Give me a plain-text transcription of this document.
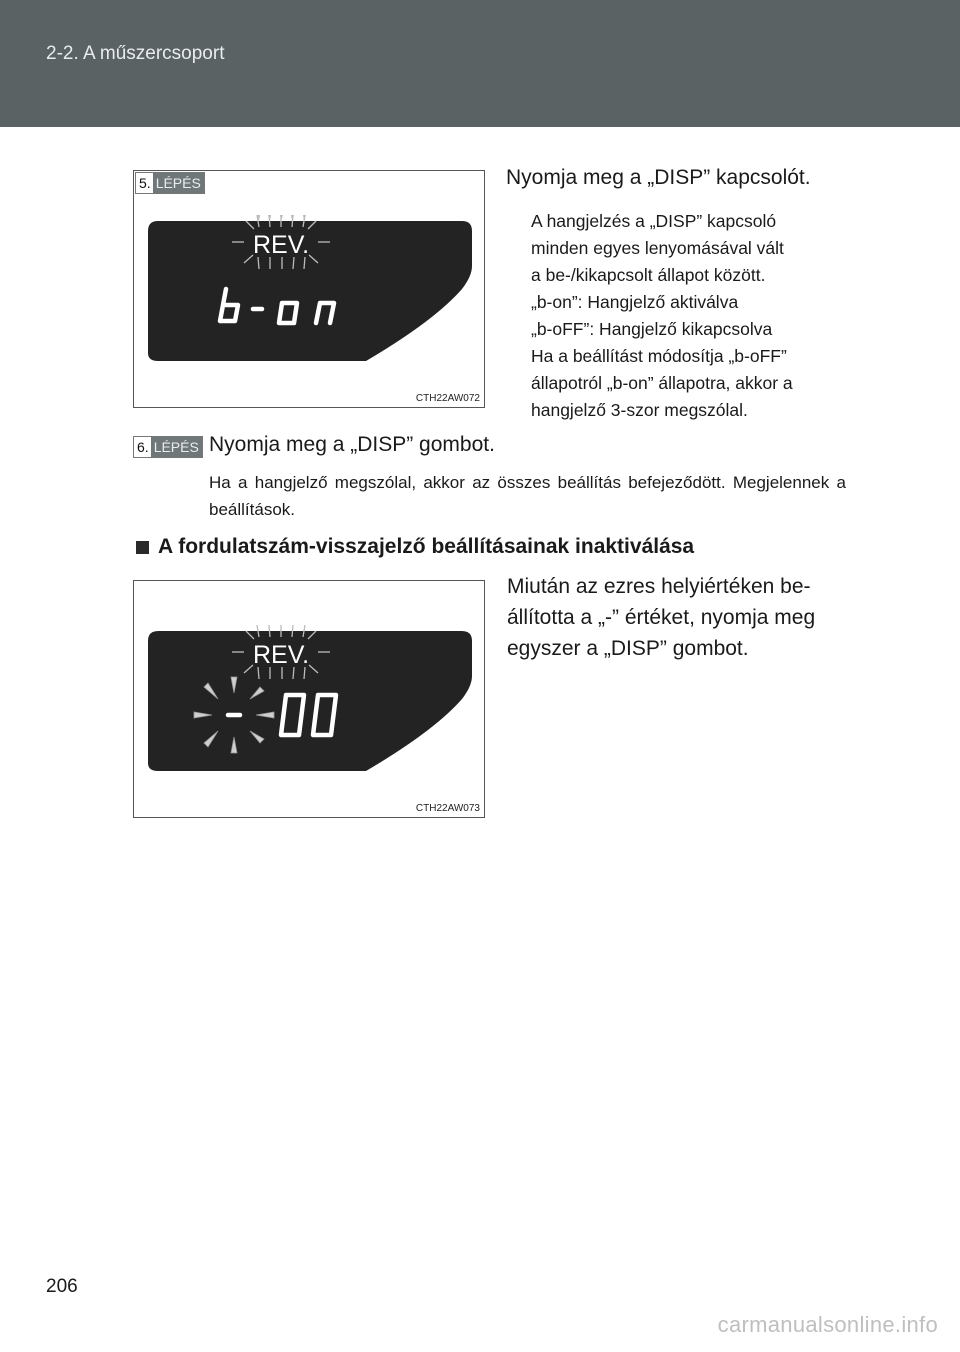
2-2. A műszercsoport
REV.
5. LÉPÉS
CTH22AW072
Nyomja meg a „DISP” kapcsolót.
A hangjelzés a „DISP” kapcsoló
minden egyes lenyomásával vált
a be-/kikapcsolt állapot között.
„b-on”: Hangjelző aktiválva
„b-oFF”: Hangjelző kikapcsolva
Ha a beállítást módosítja „b-oFF”
állapotról „b-on” állapotra, akkor a
hangjelző 3-szor megszólal.
6. LÉPÉS Nyomja meg a „DISP” gombot.
Ha a hangjelző megszólal, akkor az összes beállítás befejeződött. Megjelennek a beállítások.
A fordulatszám-visszajelző beállításainak inaktiválása
Miután az ezres helyiértéken be-állította a „-” értéket, nyomja meg egyszer a „DISP” gombot.
REV.
CTH22AW073
206
carmanualsonline.info
